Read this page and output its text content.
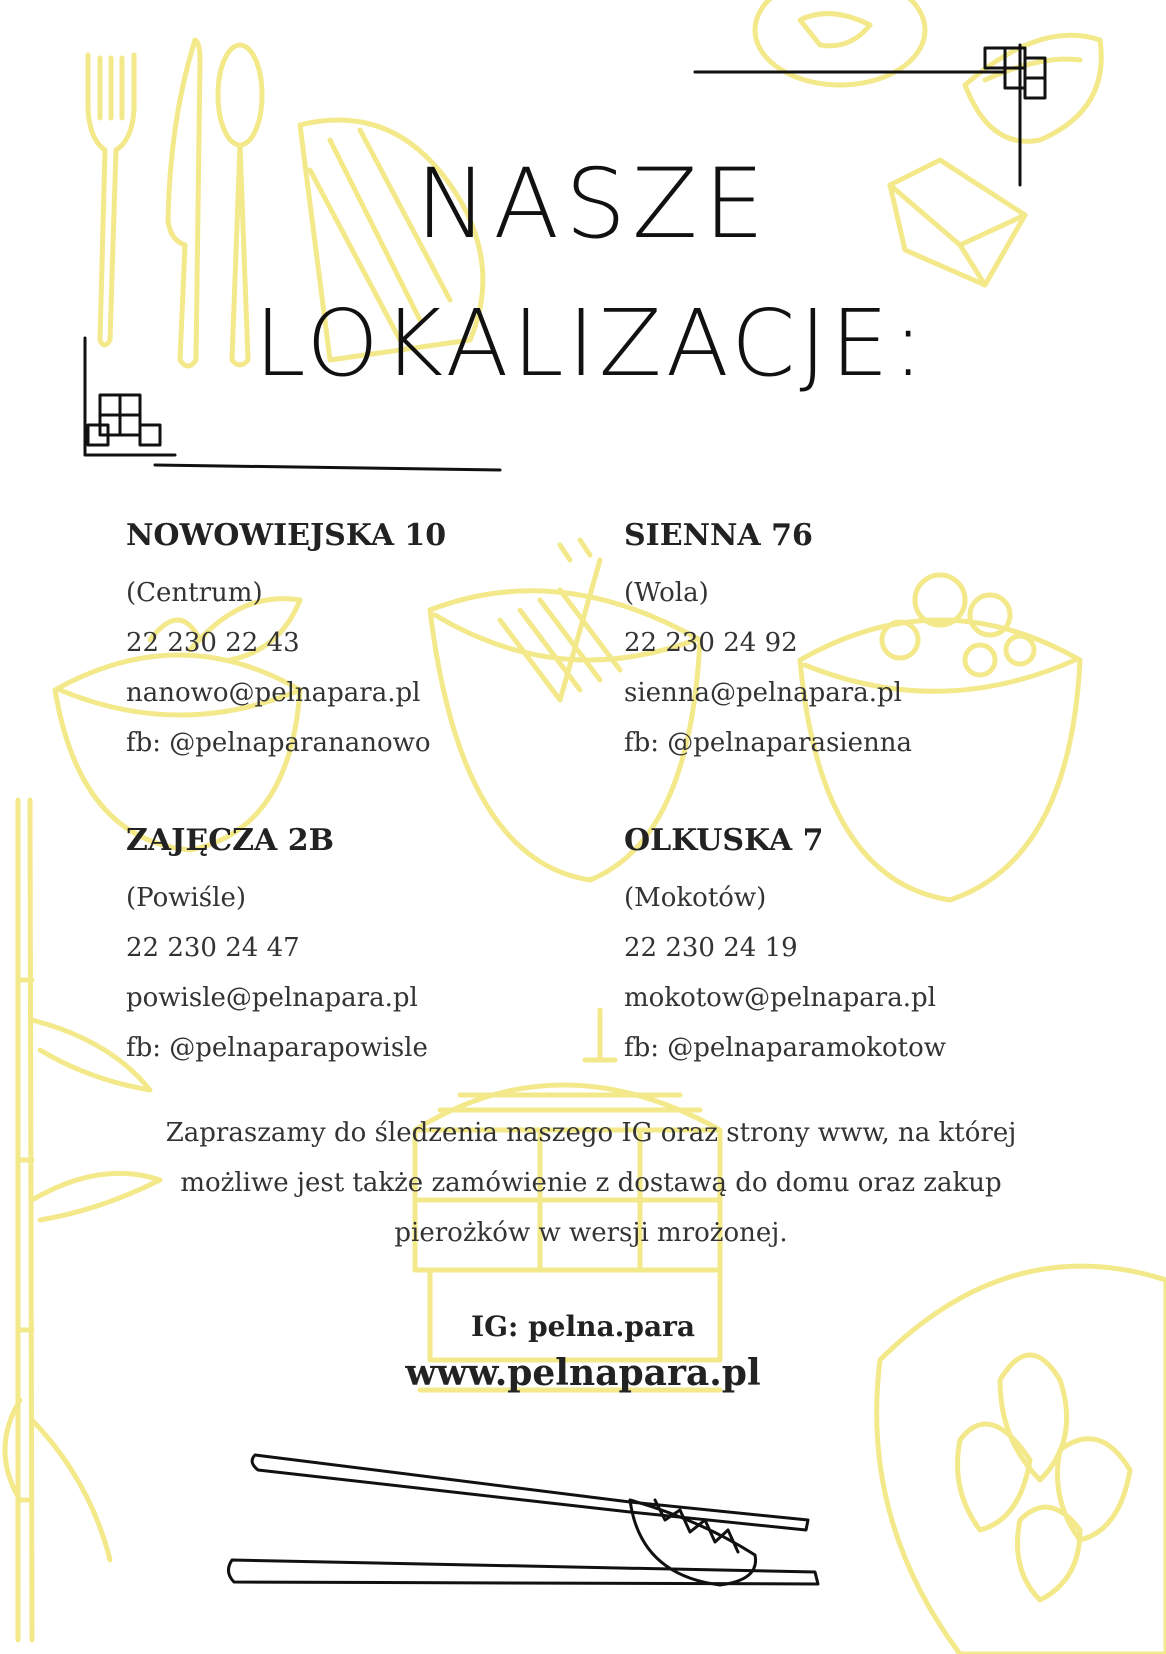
NASZE
LOKALIZACJE:
NOWOWIEJSKA 10
(Centrum)
22 230 22 43
nanowo@pelnapara.pl
fb: @pelnaparananowo
SIENNA 76
(Wola)
22 230 24 92
sienna@pelnapara.pl
fb: @pelnaparasienna
ZAJĘCZA 2B
(Powiśle)
22 230 24 47
powisle@pelnapara.pl
fb: @pelnaparapowisle
OLKUSKA 7
(Mokotów)
22 230 24 19
mokotow@pelnapara.pl
fb: @pelnaparamokotow
Zapraszamy do śledzenia naszego IG oraz strony www, na której możliwe jest także zamówienie z dostawą do domu oraz zakup pierożków w wersji mrożonej.
IG: pelna.para
www.pelnapara.pl
